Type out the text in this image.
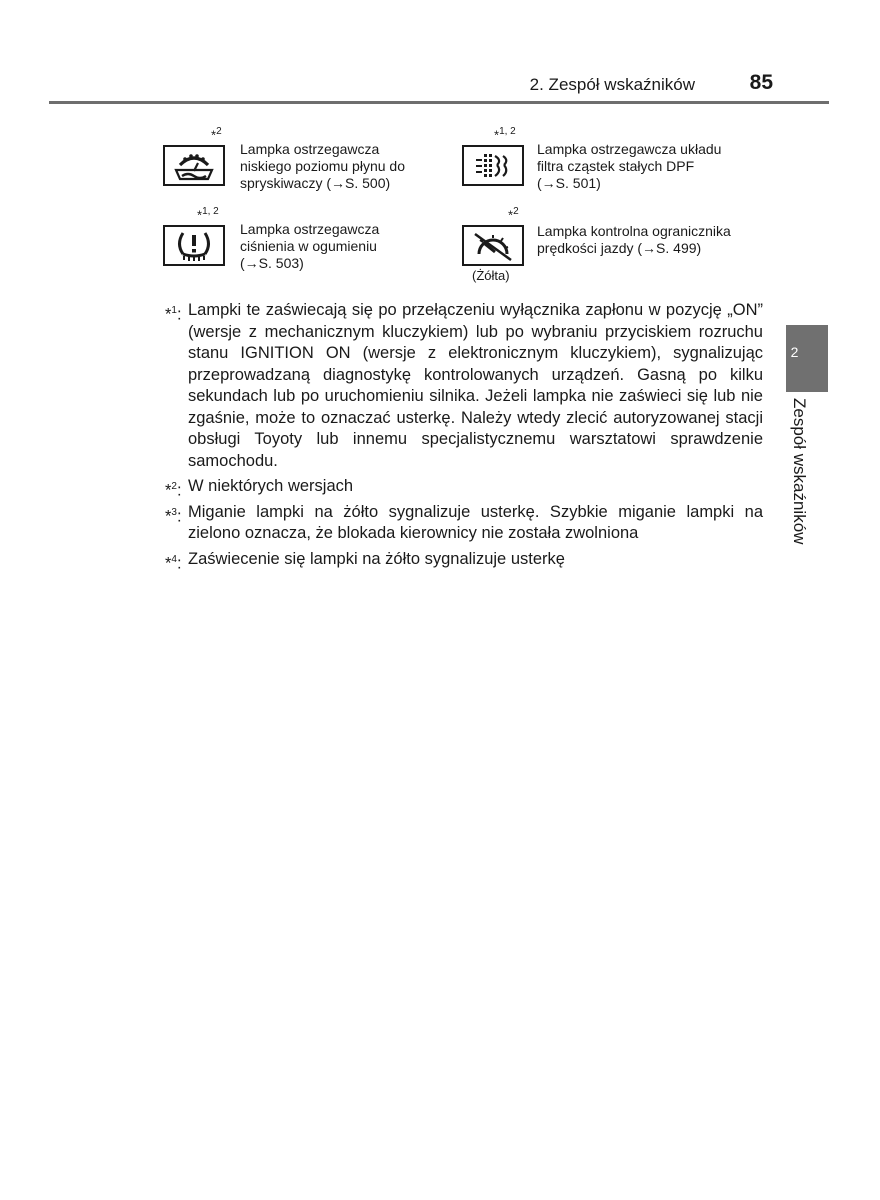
2. Zespół wskaźników	85
*$^2$
Lampka ostrzegawcza
niskiego poziomu płynu do
spryskiwaczy (→S. 500)
*$^{1, 2}$
Lampka ostrzegawcza układu
filtra cząstek stałych DPF
(→S. 501)
*$^{1, 2}$
Lampka ostrzegawcza
ciśnienia w ogumieniu
(→S. 503)
*$^2$
(Żółta)
Lampka kontrolna ogranicznika
prędkości jazdy (→S. 499)
*$^1$: Lampki te zaświecają się po przełączeniu wyłącznika zapłonu w pozycję „ON” (wersje z mechanicznym kluczykiem) lub po wybraniu przyciskiem rozruchu stanu IGNITION ON (wersje z elektronicznym kluczykiem), sygnalizując przeprowadzaną diagnostykę kontrolowanych urządzeń. Gasną po kilku sekundach lub po uruchomieniu silnika. Jeżeli lampka nie zaświeci się lub nie zgaśnie, może to oznaczać usterkę. Należy wtedy zlecić autoryzowanej stacji obsługi Toyoty lub innemu specjalistycznemu warsztatowi sprawdzenie samochodu.
*$^2$: W niektórych wersjach
*$^3$: Miganie lampki na żółto sygnalizuje usterkę. Szybkie miganie lampki na zielono oznacza, że blokada kierownicy nie została zwolniona
*$^4$: Zaświecenie się lampki na żółto sygnalizuje usterkę
2
Zespół wskaźników
